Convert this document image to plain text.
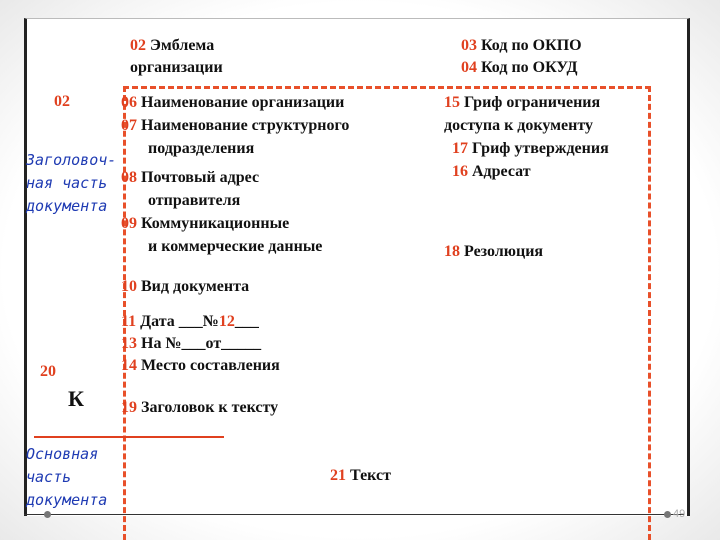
02 Эмблема
организации
03 Код по ОКПО
04 Код по ОКУД
02
Заголовоч-
ная часть
документа
20
К
Основная
часть
документа
06 Наименование организации
07 Наименование структурного
подразделения
08 Почтовый адрес
отправителя
09 Коммуникационные
и коммерческие данные
10 Вид документа
11 Дата ___№12___
13 На №___от_____
14 Место составления
19 Заголовок к тексту
15 Гриф ограничения
доступа к документу
17 Гриф утверждения
16 Адресат
18 Резолюция
21 Текст
49
